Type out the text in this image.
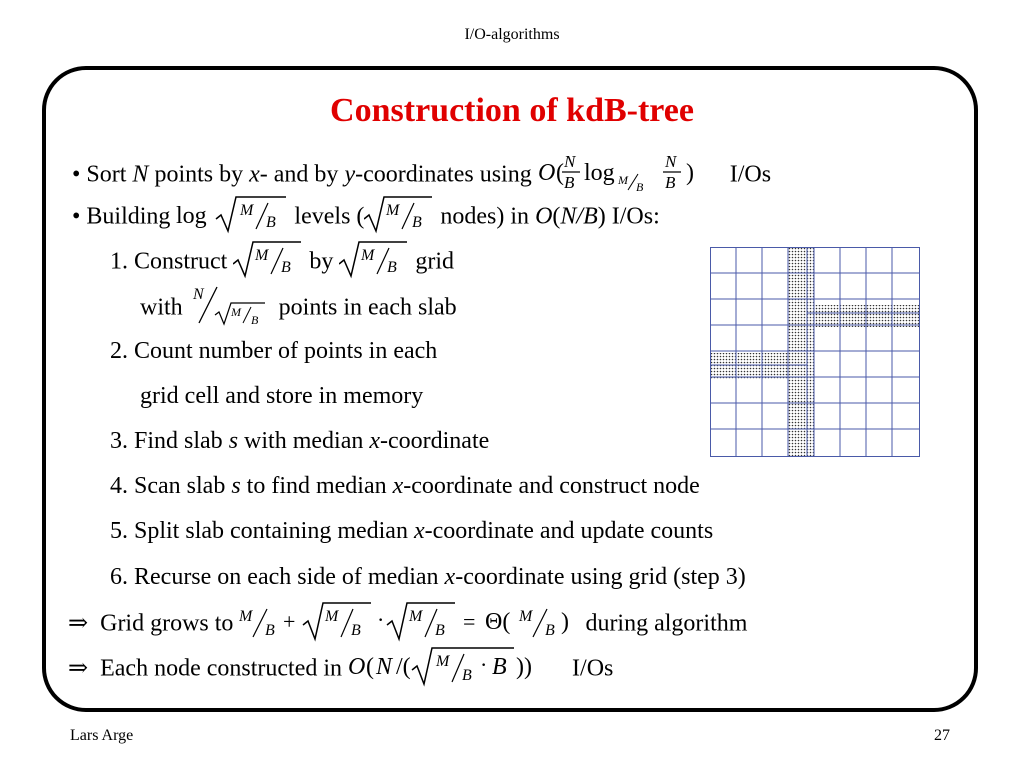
I/O-algorithms
Construction of kdB-tree
• Sort N points by x- and by y-coordinates using O ( N
B log M B
N
B ) I/Os
• Building log M
B levels ( M
B nodes) in O(N/B) I/Os:
1. Construct M
B by M
B grid
with
N
M
B points in each slab
2. Count number of points in each
grid cell and store in memory
3. Find slab s with median x-coordinate
4. Scan slab s to find median x-coordinate and construct node
5. Split slab containing median x-coordinate and update counts
6. Recurse on each side of median x-coordinate using grid (step 3)
⇒ Grid grows to M
B + M
B · M
B = Θ( M
B ) during algorithm
⇒ Each node constructed in O ( N /( M
B · B )) I/Os
Lars Arge	27
